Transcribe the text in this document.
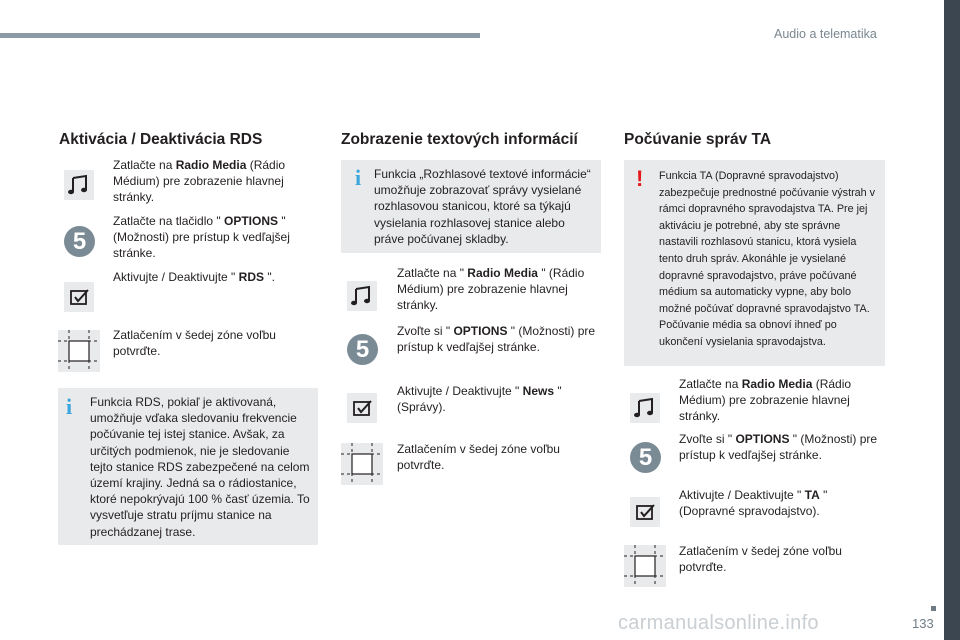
Audio a telematika
Aktivácia / Deaktivácia RDS
Zatlačte na Radio Media (Rádio Médium) pre zobrazenie hlavnej stránky.
5
Zatlačte na tlačidlo " OPTIONS " (Možnosti) pre prístup k vedľajšej stránke.
Aktivujte / Deaktivujte " RDS ".
Zatlačením v šedej zóne voľbu potvrďte.
i Funkcia RDS, pokiaľ je aktivovaná, umožňuje vďaka sledovaniu frekvencie počúvanie tej istej stanice. Avšak, za určitých podmienok, nie je sledovanie tejto stanice RDS zabezpečené na celom území krajiny. Jedná sa o rádiostanice, ktoré nepokrývajú 100 % časť územia. To vysvetľuje stratu príjmu stanice na prechádzanej trase.
Zobrazenie textových informácií
i Funkcia „Rozhlasové textové informácie“ umožňuje zobrazovať správy vysielané rozhlasovou stanicou, ktoré sa týkajú vysielania rozhlasovej stanice alebo práve počúvanej skladby.
Zatlačte na " Radio Media " (Rádio Médium) pre zobrazenie hlavnej stránky.
5
Zvoľte si " OPTIONS " (Možnosti) pre prístup k vedľajšej stránke.
Aktivujte / Deaktivujte " News " (Správy).
Zatlačením v šedej zóne voľbu potvrďte.
Počúvanie správ TA
! Funkcia TA (Dopravné spravodajstvo) zabezpečuje prednostné počúvanie výstrah v rámci dopravného spravodajstva TA. Pre jej aktiváciu je potrebné, aby ste správne nastavili rozhlasovú stanicu, ktorá vysiela tento druh správ. Akonáhle je vysielané dopravné spravodajstvo, práve počúvané médium sa automaticky vypne, aby bolo možné počúvať dopravné spravodajstvo TA. Počúvanie média sa obnoví ihneď po ukončení vysielania spravodajstva.
Zatlačte na Radio Media (Rádio Médium) pre zobrazenie hlavnej stránky.
5
Zvoľte si " OPTIONS " (Možnosti) pre prístup k vedľajšej stránke.
Aktivujte / Deaktivujte " TA " (Dopravné spravodajstvo).
Zatlačením v šedej zóne voľbu potvrďte.
carmanualsonline.info	133
